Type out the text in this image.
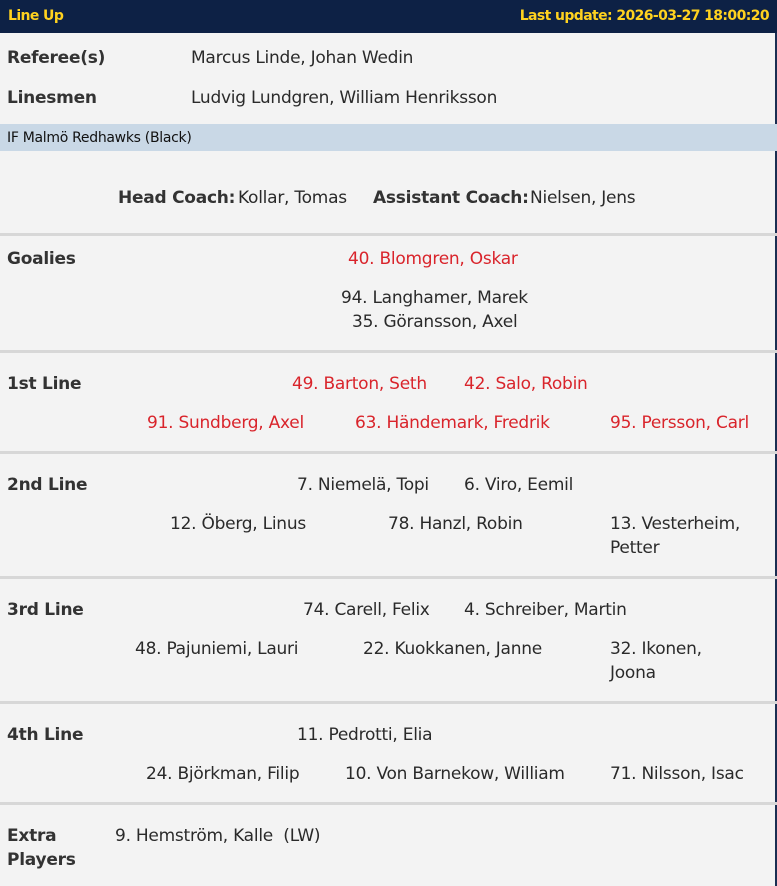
Line Up	Last update: 2026-03-27 18:00:20
Referee(s)	Marcus Linde, Johan Wedin
Linesmen	Ludvig Lundgren, William Henriksson
IF Malmö Redhawks (Black)
Head Coach: Kollar, Tomas Assistant Coach: Nielsen, Jens
Goalies	40. Blomgren, Oskar
94. Langhamer, Marek
35. Göransson, Axel
1st Line	49. Barton, Seth 42. Salo, Robin
91. Sundberg, Axel	63. Händemark, Fredrik	95. Persson, Carl
2nd Line	7. Niemelä, Topi 6. Viro, Eemil
12. Öberg, Linus	78. Hanzl, Robin	13. Vesterheim, Petter
3rd Line	74. Carell, Felix 4. Schreiber, Martin
48. Pajuniemi, Lauri	22. Kuokkanen, Janne	32. Ikonen, Joona
4th Line	11. Pedrotti, Elia
24. Björkman, Filip	10. Von Barnekow, William	71. Nilsson, Isac
Extra Players
9. Hemström, Kalle  (LW)
